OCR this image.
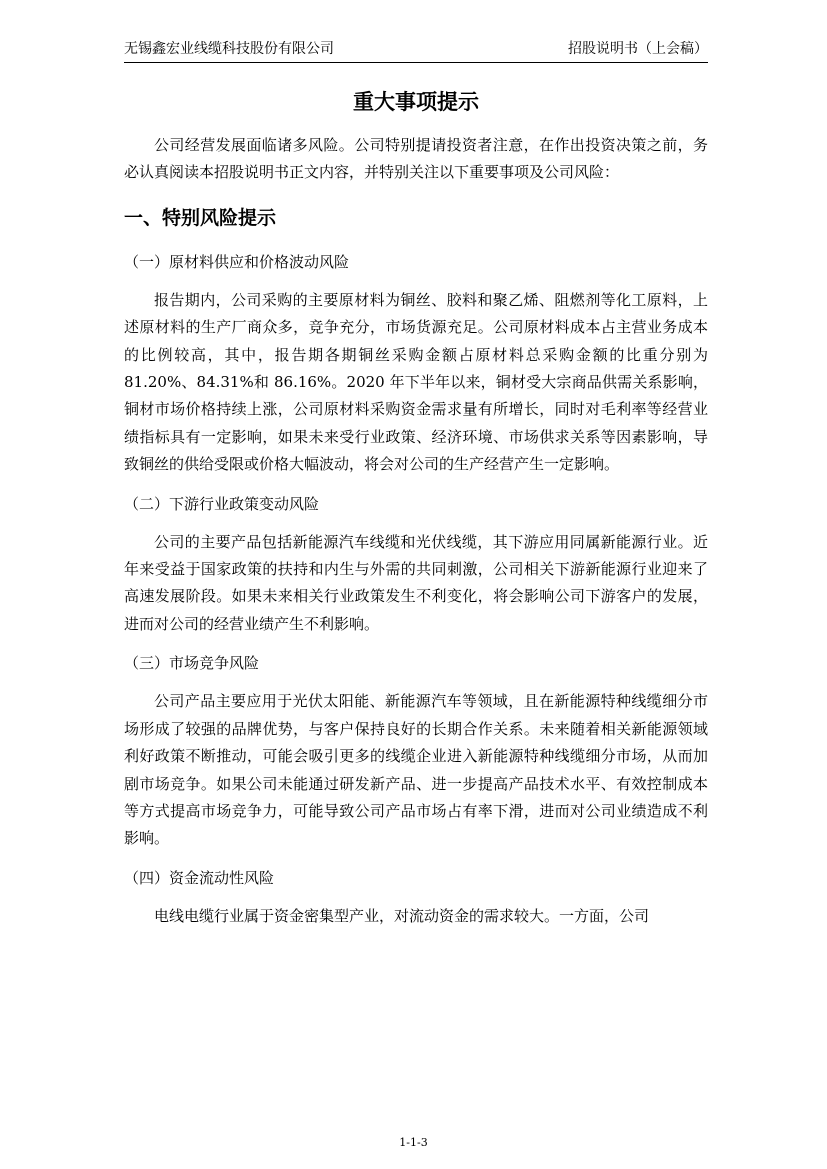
无锡鑫宏业线缆科技股份有限公司	招股说明书（上会稿）
重大事项提示

公司经营发展面临诸多风险。公司特别提请投资者注意，在作出投资决策之前，务必认真阅读本招股说明书正文内容，并特别关注以下重要事项及公司风险：

一、特别风险提示
（一）原材料供应和价格波动风险

报告期内，公司采购的主要原材料为铜丝、胶料和聚乙烯、阻燃剂等化工原料，上述原材料的生产厂商众多，竞争充分，市场货源充足。公司原材料成本占主营业务成本的比例较高，其中，报告期各期铜丝采购金额占原材料总采购金额的比重分别为 81.20%、84.31%和 86.16%。2020 年下半年以来，铜材受大宗商品供需关系影响，铜材市场价格持续上涨，公司原材料采购资金需求量有所增长，同时对毛利率等经营业绩指标具有一定影响，如果未来受行业政策、经济环境、市场供求关系等因素影响，导致铜丝的供给受限或价格大幅波动，将会对公司的生产经营产生一定影响。

（二）下游行业政策变动风险

公司的主要产品包括新能源汽车线缆和光伏线缆，其下游应用同属新能源行业。近年来受益于国家政策的扶持和内生与外需的共同刺激，公司相关下游新能源行业迎来了高速发展阶段。如果未来相关行业政策发生不利变化，将会影响公司下游客户的发展，进而对公司的经营业绩产生不利影响。

（三）市场竞争风险

公司产品主要应用于光伏太阳能、新能源汽车等领域，且在新能源特种线缆细分市场形成了较强的品牌优势，与客户保持良好的长期合作关系。未来随着相关新能源领域利好政策不断推动，可能会吸引更多的线缆企业进入新能源特种线缆细分市场，从而加剧市场竞争。如果公司未能通过研发新产品、进一步提高产品技术水平、有效控制成本等方式提高市场竞争力，可能导致公司产品市场占有率下滑，进而对公司业绩造成不利影响。

（四）资金流动性风险

电线电缆行业属于资金密集型产业，对流动资金的需求较大。一方面，公司

1-1-3
